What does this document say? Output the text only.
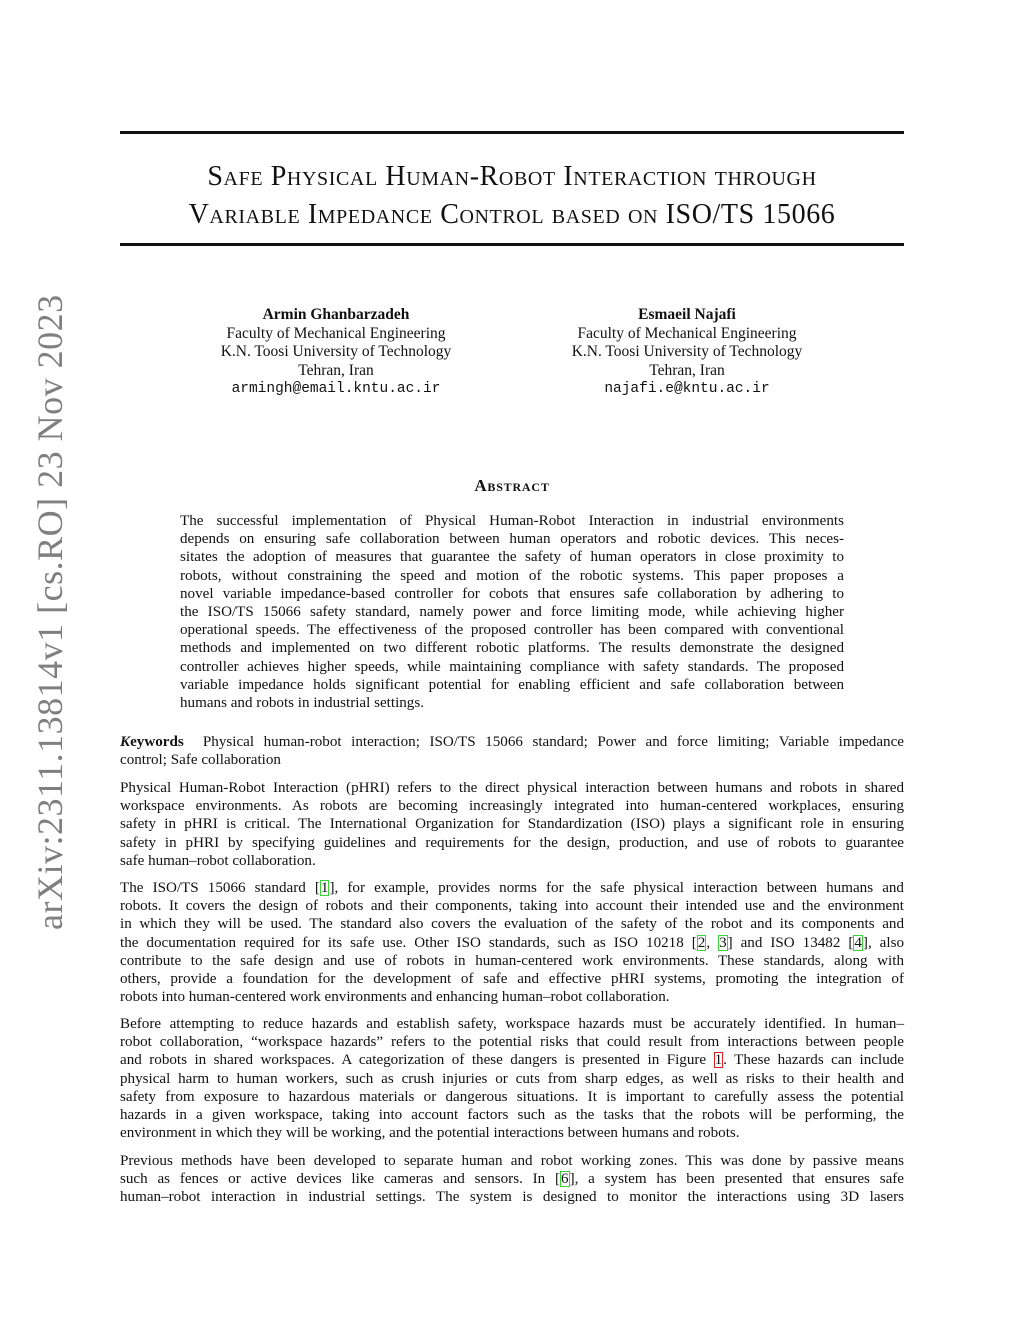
arXiv:2311.13814v1 [cs.RO] 23 Nov 2023
Safe Physical Human-Robot Interaction through
Variable Impedance Control based on ISO/TS 15066
Armin Ghanbarzadeh
Faculty of Mechanical Engineering
K.N. Toosi University of Technology
Tehran, Iran
armingh@email.kntu.ac.ir
Esmaeil Najafi
Faculty of Mechanical Engineering
K.N. Toosi University of Technology
Tehran, Iran
najafi.e@kntu.ac.ir
Abstract
The successful implementation of Physical Human-Robot Interaction in industrial environments
depends on ensuring safe collaboration between human operators and robotic devices. This neces-
sitates the adoption of measures that guarantee the safety of human operators in close proximity to
robots, without constraining the speed and motion of the robotic systems. This paper proposes a
novel variable impedance-based controller for cobots that ensures safe collaboration by adhering to
the ISO/TS 15066 safety standard, namely power and force limiting mode, while achieving higher
operational speeds. The effectiveness of the proposed controller has been compared with conventional
methods and implemented on two different robotic platforms. The results demonstrate the designed
controller achieves higher speeds, while maintaining compliance with safety standards. The proposed
variable impedance holds significant potential for enabling efficient and safe collaboration between
humans and robots in industrial settings.
Keywords Physical human-robot interaction; ISO/TS 15066 standard; Power and force limiting; Variable impedance
control; Safe collaboration
Physical Human-Robot Interaction (pHRI) refers to the direct physical interaction between humans and robots in shared
workspace environments. As robots are becoming increasingly integrated into human-centered workplaces, ensuring
safety in pHRI is critical. The International Organization for Standardization (ISO) plays a significant role in ensuring
safety in pHRI by specifying guidelines and requirements for the design, production, and use of robots to guarantee
safe human–robot collaboration.
The ISO/TS 15066 standard [1], for example, provides norms for the safe physical interaction between humans and
robots. It covers the design of robots and their components, taking into account their intended use and the environment
in which they will be used. The standard also covers the evaluation of the safety of the robot and its components and
the documentation required for its safe use. Other ISO standards, such as ISO 10218 [2, 3] and ISO 13482 [4], also
contribute to the safe design and use of robots in human-centered work environments. These standards, along with
others, provide a foundation for the development of safe and effective pHRI systems, promoting the integration of
robots into human-centered work environments and enhancing human–robot collaboration.
Before attempting to reduce hazards and establish safety, workspace hazards must be accurately identified. In human–
robot collaboration, “workspace hazards” refers to the potential risks that could result from interactions between people
and robots in shared workspaces. A categorization of these dangers is presented in Figure 1. These hazards can include
physical harm to human workers, such as crush injuries or cuts from sharp edges, as well as risks to their health and
safety from exposure to hazardous materials or dangerous situations. It is important to carefully assess the potential
hazards in a given workspace, taking into account factors such as the tasks that the robots will be performing, the
environment in which they will be working, and the potential interactions between humans and robots.
Previous methods have been developed to separate human and robot working zones. This was done by passive means
such as fences or active devices like cameras and sensors. In [6], a system has been presented that ensures safe
human–robot interaction in industrial settings. The system is designed to monitor the interactions using 3D lasers
